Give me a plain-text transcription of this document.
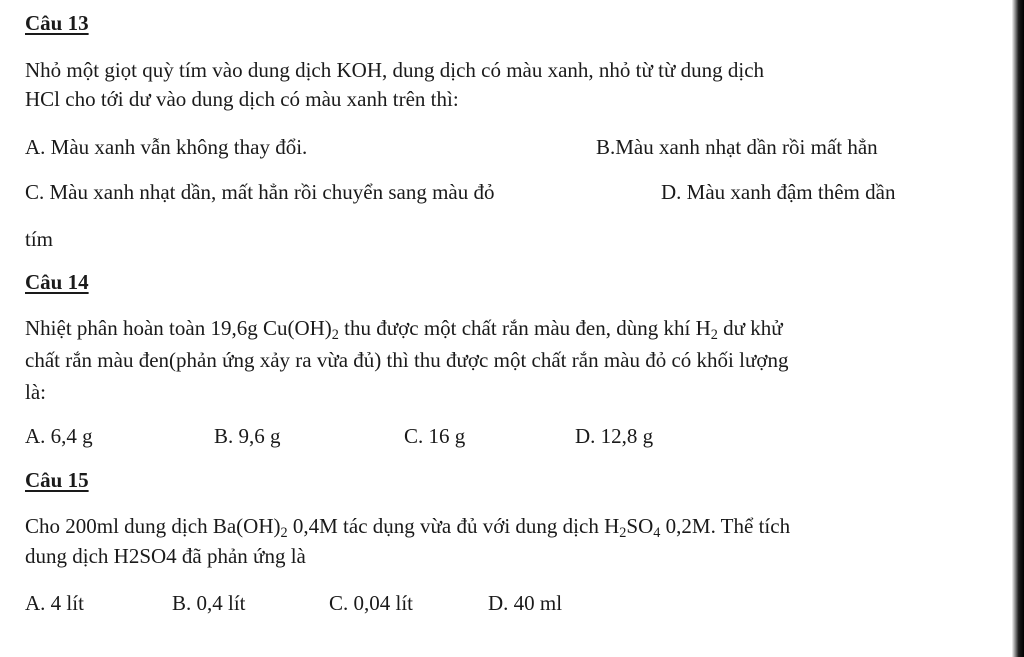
Câu 13
Nhỏ một giọt quỳ tím vào dung dịch KOH, dung dịch có màu xanh, nhỏ từ từ dung dịch
HCl cho tới dư vào dung dịch có màu xanh trên thì:
A. Màu xanh vẫn không thay đổi.	B.Màu xanh nhạt dần rồi mất hẳn
C. Màu xanh nhạt dần, mất hẳn rồi chuyển sang màu đỏ	D. Màu xanh đậm thêm dần
tím
Câu 14
Nhiệt phân hoàn toàn 19,6g $Cu(OH)_2$ thu được một chất rắn màu đen, dùng khí $H_2$ dư khử
chất rắn màu đen(phản ứng xảy ra vừa đủ) thì thu được một chất rắn màu đỏ có khối lượng
là:
A. 6,4 g	B. 9,6 g	C. 16 g	D. 12,8 g
Câu 15
Cho 200ml dung dịch $Ba(OH)_2$ 0,4M tác dụng vừa đủ với dung dịch $H_2SO_4$ 0,2M. Thể tích
dung dịch H2SO4 đã phản ứng là
A. 4 lít	B. 0,4 lít	C. 0,04 lít	D. 40 ml
